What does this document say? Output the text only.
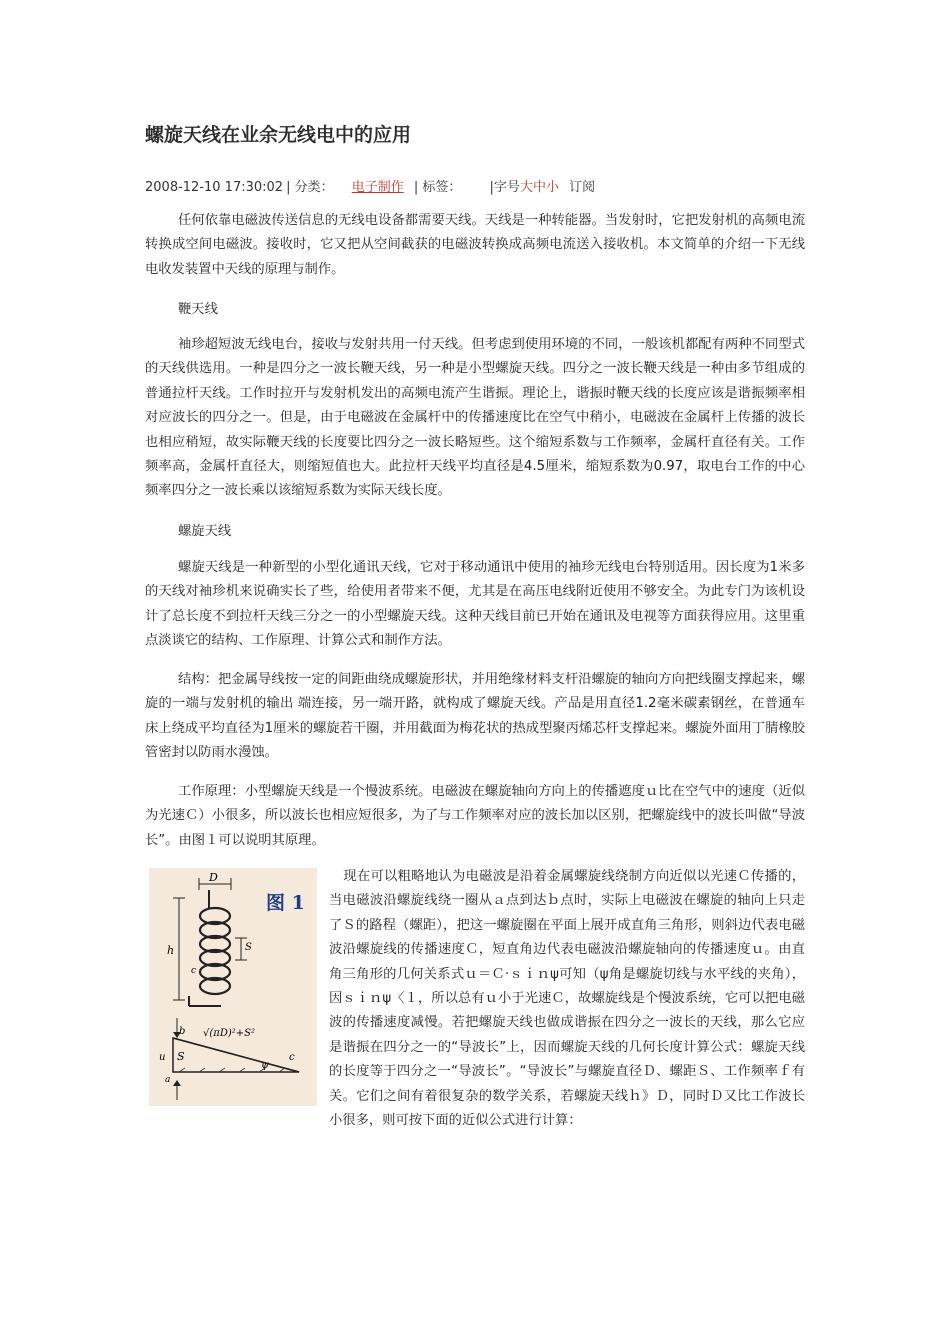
螺旋天线在业余无线电中的应用
2008-12-10 17:30:02 | 分类： 电子制作 | 标签： |字号大中小 订阅

任何依靠电磁波传送信息的无线电设备都需要天线。天线是一种转能器。当发射时，它把发射机的高频电流转换成空间电磁波。接收时，它又把从空间截获的电磁波转换成高频电流送入接收机。本文简单的介绍一下无线电收发装置中天线的原理与制作。

鞭天线

袖珍超短波无线电台，接收与发射共用一付天线。但考虑到使用环境的不同，一般该机都配有两种不同型式的天线供选用。一种是四分之一波长鞭天线，另一种是小型螺旋天线。四分之一波长鞭天线是一种由多节组成的普通拉杆天线。工作时拉开与发射机发出的高频电流产生谐振。理论上，谐振时鞭天线的长度应该是谐振频率相对应波长的四分之一。但是，由于电磁波在金属杆中的传播速度比在空气中稍小，电磁波在金属杆上传播的波长也相应稍短，故实际鞭天线的长度要比四分之一波长略短些。这个缩短系数与工作频率，金属杆直径有关。工作频率高，金属杆直径大，则缩短值也大。此拉杆天线平均直径是4.5厘米，缩短系数为0.97，取电台工作的中心频率四分之一波长乘以该缩短系数为实际天线长度。

螺旋天线

螺旋天线是一种新型的小型化通讯天线，它对于移动通讯中使用的袖珍无线电台特别适用。因长度为1米多的天线对袖珍机来说确实长了些，给使用者带来不便，尤其是在高压电线附近使用不够安全。为此专门为该机设计了总长度不到拉杆天线三分之一的小型螺旋天线。这种天线目前已开始在通讯及电视等方面获得应用。这里重点淡谈它的结构、工作原理、计算公式和制作方法。

结构：把金属导线按一定的间距曲绕成螺旋形状，并用绝缘材料支杆沿螺旋的轴向方向把线圈支撑起来，螺旋的一端与发射机的输出 端连接，另一端开路，就构成了螺旋天线。产品是用直径1.2毫米碳素钢丝，在普通车床上绕成平均直径为1厘米的螺旋若干圈，并用截面为梅花状的热成型聚丙烯芯杆支撑起来。螺旋外面用丁腈橡胶管密封以防雨水漫蚀。

工作原理：小型螺旋天线是一个慢波系统。电磁波在螺旋轴向方向上的传播遮度ｕ比在空气中的速度（近似为光速Ｃ）小很多，所以波长也相应短很多，为了与工作频率对应的波长加以区别，把螺旋线中的波长叫做“导波长”。由图１可以说明其原理。

D
h	S
c
b
u S
√(πD)²+S²
ψ
c
a
图 1

现在可以粗略地认为电磁波是沿着金属螺旋线绕制方向近似以光速Ｃ传播的，当电磁波沿螺旋线绕一圈从ａ点到达ｂ点时，实际上电磁波在螺旋的轴向上只走了Ｓ的路程（螺距），把这一螺旋圈在平面上展开成直角三角形，则斜边代表电磁波沿螺旋线的传播速度Ｃ，短直角边代表电磁波沿螺旋轴向的传播速度ｕ。由直角三角形的几何关系式ｕ＝Ｃ·ｓｉｎψ可知（ψ角是螺旋切线与水平线的夹角），因ｓｉｎψ〈１，所以总有ｕ小于光速Ｃ，故螺旋线是个慢波系统，它可以把电磁波的传播速度减慢。若把螺旋天线也做成谐振在四分之一波长的天线，那么它应是谐振在四分之一的“导波长”上，因而螺旋天线的几何长度计算公式：螺旋天线的长度等于四分之一“导波长”。“导波长”与螺旋直径Ｄ、螺距Ｓ、工作频率ｆ有关。它们之间有着很复杂的数学关系，若螺旋天线ｈ》Ｄ，同时Ｄ又比工作波长小很多，则可按下面的近似公式进行计算：
